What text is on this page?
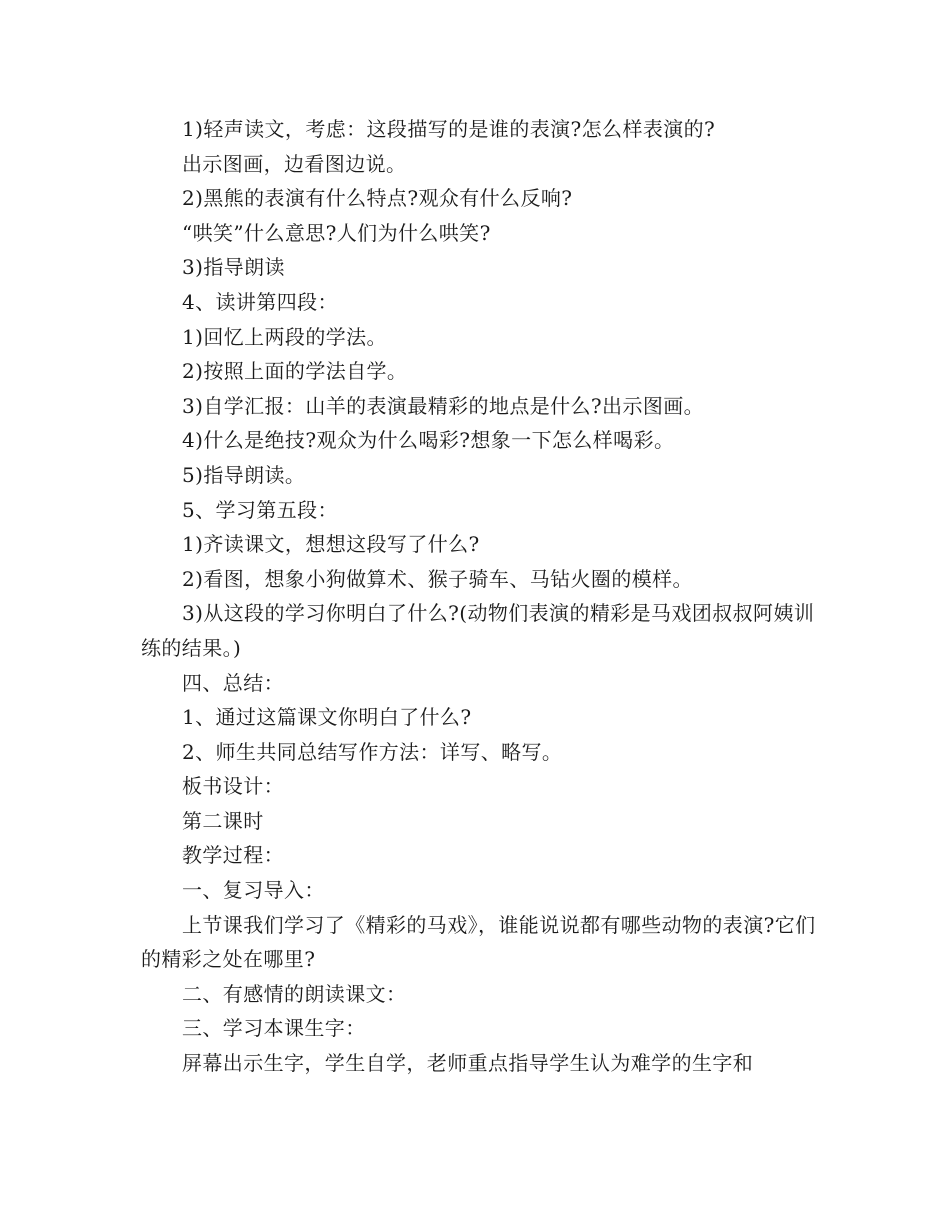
1)轻声读文，考虑：这段描写的是谁的表演?怎么样表演的?

出示图画，边看图边说。

2)黑熊的表演有什么特点?观众有什么反响?

“哄笑”什么意思?人们为什么哄笑?

3)指导朗读

4、读讲第四段：

1)回忆上两段的学法。

2)按照上面的学法自学。

3)自学汇报：山羊的表演最精彩的地点是什么?出示图画。

4)什么是绝技?观众为什么喝彩?想象一下怎么样喝彩。

5)指导朗读。

5、学习第五段：

1)齐读课文，想想这段写了什么?

2)看图，想象小狗做算术、猴子骑车、马钻火圈的模样。

3)从这段的学习你明白了什么?(动物们表演的精彩是马戏团叔叔阿姨训练的结果。)

四、总结：

1、通过这篇课文你明白了什么?

2、师生共同总结写作方法：详写、略写。

板书设计：

第二课时

教学过程：

一、复习导入：

上节课我们学习了《精彩的马戏》，谁能说说都有哪些动物的表演?它们的精彩之处在哪里?

二、有感情的朗读课文：

三、学习本课生字：

屏幕出示生字，学生自学，老师重点指导学生认为难学的生字和
